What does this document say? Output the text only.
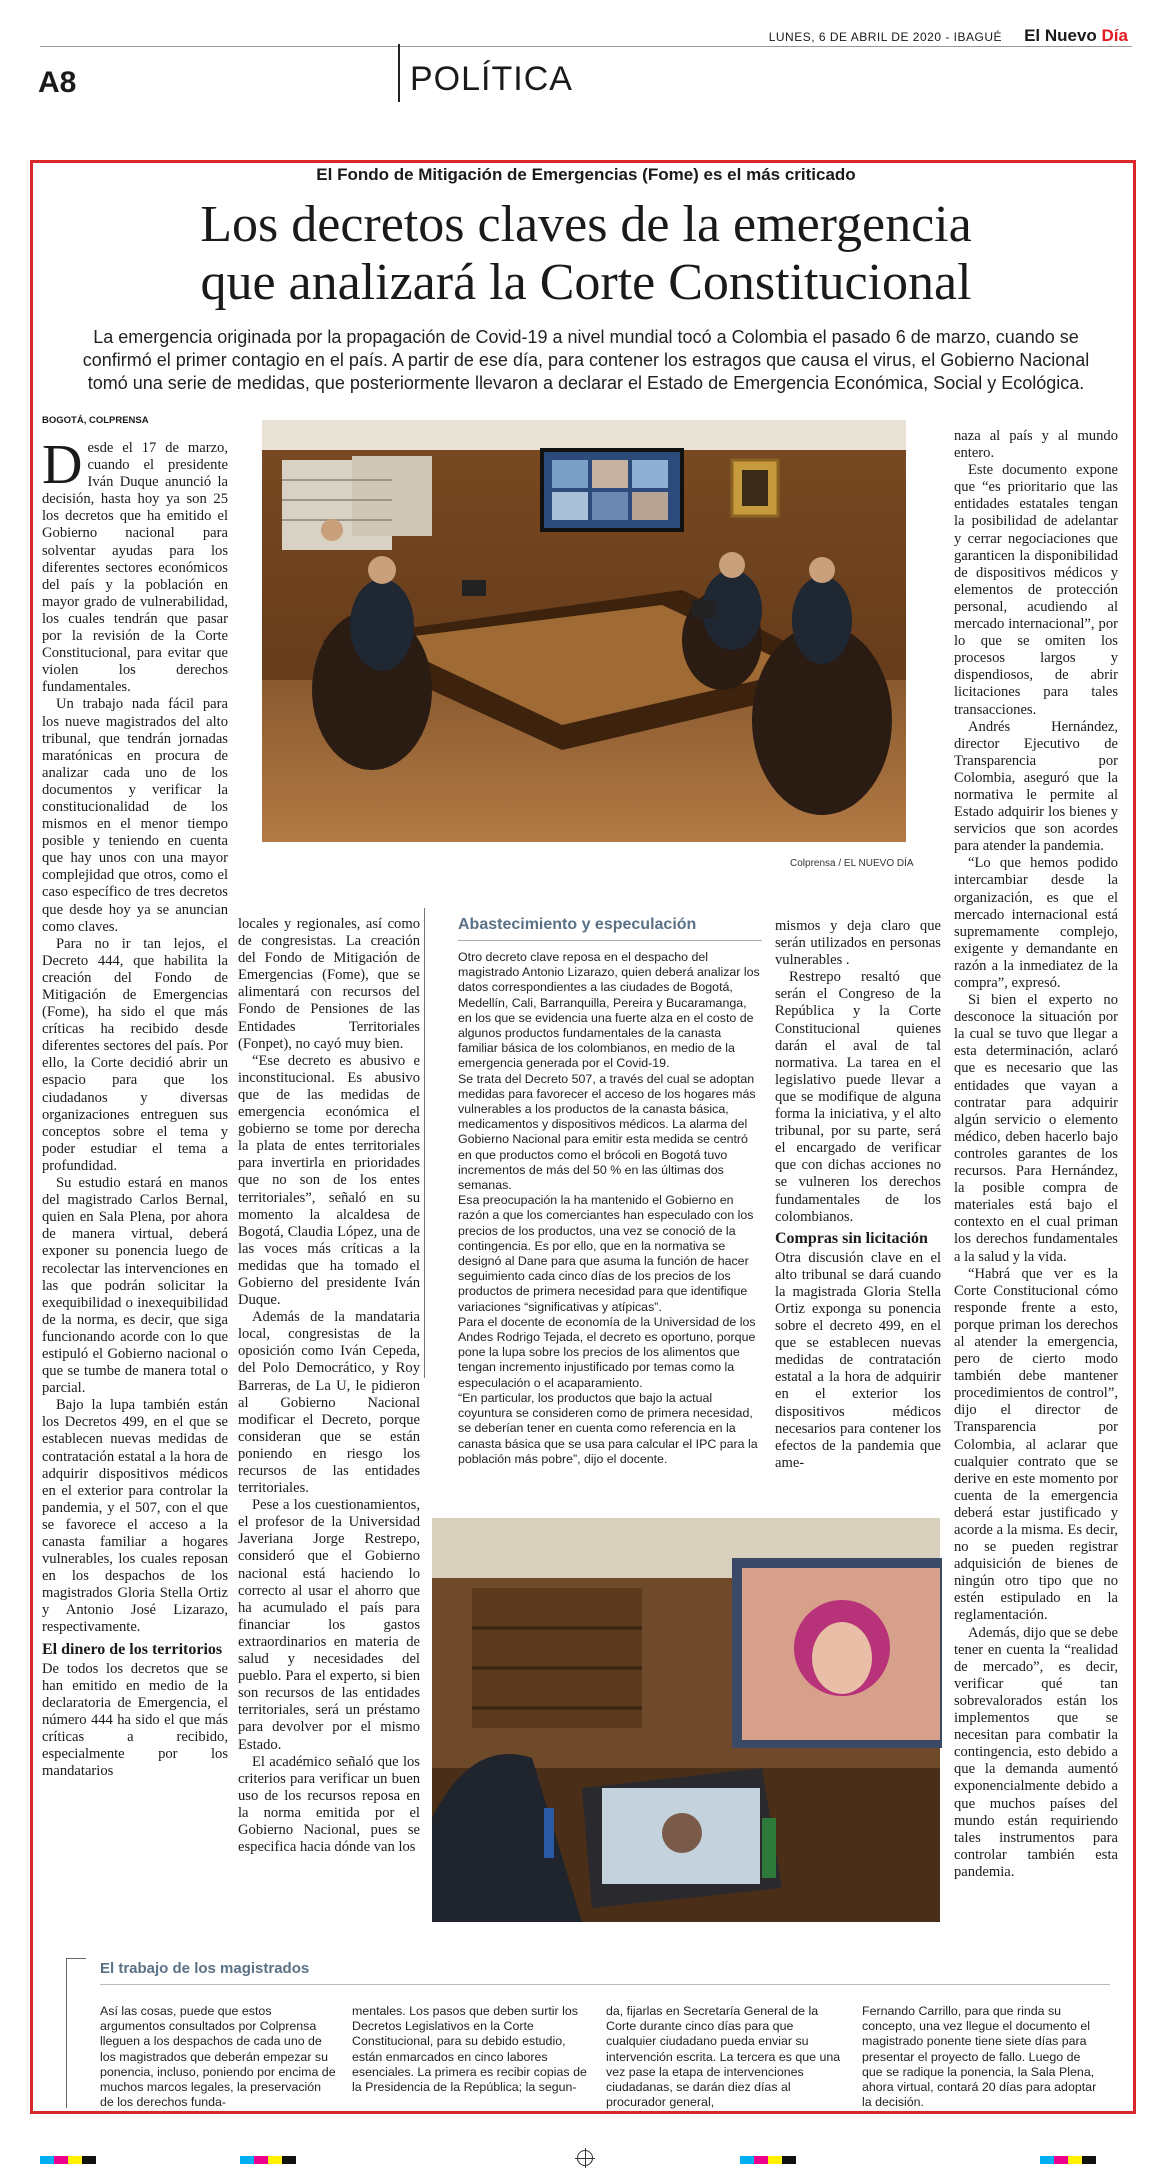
LUNES, 6 DE ABRIL DE 2020 - IBAGUÉ El Nuevo Día
A8	POLÍTICA
El Fondo de Mitigación de Emergencias (Fome) es el más criticado
Los decretos claves de la emergencia
que analizará la Corte Constitucional
La emergencia originada por la propagación de Covid-19 a nivel mundial tocó a Colombia el pasado 6 de marzo, cuando se confirmó el primer contagio en el país. A partir de ese día, para contener los estragos que causa el virus, el Gobierno Nacional tomó una serie de medidas, que posteriormente llevaron a declarar el Estado de Emergencia Económica, Social y Ecológica.
BOGOTÁ, COLPRENSA

Desde el 17 de marzo, cuando el presidente Iván Duque anunció la decisión, hasta hoy ya son 25 los decretos que ha emitido el Gobierno nacional para solventar ayudas para los diferentes sectores económicos del país y la población en mayor grado de vulnerabilidad, los cuales tendrán que pasar por la revisión de la Corte Constitucional, para evitar que violen los derechos fundamentales.

Un trabajo nada fácil para los nueve magistrados del alto tribunal, que tendrán jornadas maratónicas en procura de analizar cada uno de los documentos y verificar la constitucionalidad de los mismos en el menor tiempo posible y teniendo en cuenta que hay unos con una mayor complejidad que otros, como el caso específico de tres decretos que desde hoy ya se anuncian como claves.

Para no ir tan lejos, el Decreto 444, que habilita la creación del Fondo de Mitigación de Emergencias (Fome), ha sido el que más críticas ha recibido desde diferentes sectores del país. Por ello, la Corte decidió abrir un espacio para que los ciudadanos y diversas organizaciones entreguen sus conceptos sobre el tema y poder estudiar el tema a profundidad.

Su estudio estará en manos del magistrado Carlos Bernal, quien en Sala Plena, por ahora de manera virtual, deberá exponer su ponencia luego de recolectar las intervenciones en las que podrán solicitar la exequibilidad o inexequibilidad de la norma, es decir, que siga funcionando acorde con lo que estipuló el Gobierno nacional o que se tumbe de manera total o parcial.

Bajo la lupa también están los Decretos 499, en el que se establecen nuevas medidas de contratación estatal a la hora de adquirir dispositivos médicos en el exterior para controlar la pandemia, y el 507, con el que se favorece el acceso a la canasta familiar a hogares vulnerables, los cuales reposan en los despachos de los magistrados Gloria Stella Ortiz y Antonio José Lizarazo, respectivamente.

El dinero de los territorios

De todos los decretos que se han emitido en medio de la declaratoria de Emergencia, el número 444 ha sido el que más críticas a recibido, especialmente por los mandatarios

Colprensa / EL NUEVO DÍA

locales y regionales, así como de congresistas. La creación del Fondo de Mitigación de Emergencias (Fome), que se alimentará con recursos del Fondo de Pensiones de las Entidades Territoriales (Fonpet), no cayó muy bien.

“Ese decreto es abusivo e inconstitucional. Es abusivo que de las medidas de emergencia económica el gobierno se tome por derecha la plata de entes territoriales para invertirla en prioridades que no son de los entes territoriales”, señaló en su momento la alcaldesa de Bogotá, Claudia López, una de las voces más críticas a la medidas que ha tomado el Gobierno del presidente Iván Duque.

Además de la mandataria local, congresistas de la oposición como Iván Cepeda, del Polo Democrático, y Roy Barreras, de La U, le pidieron al Gobierno Nacional modificar el Decreto, porque consideran que se están poniendo en riesgo los recursos de las entidades territoriales.

Pese a los cuestionamientos, el profesor de la Universidad Javeriana Jorge Restrepo, consideró que el Gobierno nacional está haciendo lo correcto al usar el ahorro que ha acumulado el país para financiar los gastos extraordinarios en materia de salud y necesidades del pueblo. Para el experto, si bien son recursos de las entidades territoriales, será un préstamo para devolver por el mismo Estado.

El académico señaló que los criterios para verificar un buen uso de los recursos reposa en la norma emitida por el Gobierno Nacional, pues se especifica hacia dónde van los

Abastecimiento y especulación

Otro decreto clave reposa en el despacho del magistrado Antonio Lizarazo, quien deberá analizar los datos correspondientes a las ciudades de Bogotá, Medellín, Cali, Barranquilla, Pereira y Bucaramanga, en los que se evidencia una fuerte alza en el costo de algunos productos fundamentales de la canasta familiar básica de los colombianos, en medio de la emergencia generada por el Covid-19.

Se trata del Decreto 507, a través del cual se adoptan medidas para favorecer el acceso de los hogares más vulnerables a los productos de la canasta básica, medicamentos y dispositivos médicos. La alarma del Gobierno Nacional para emitir esta medida se centró en que productos como el brócoli en Bogotá tuvo incrementos de más del 50 % en las últimas dos semanas.

Esa preocupación la ha mantenido el Gobierno en razón a que los comerciantes han especulado con los precios de los productos, una vez se conoció de la contingencia. Es por ello, que en la normativa se designó al Dane para que asuma la función de hacer seguimiento cada cinco días de los precios de los productos de primera necesidad para que identifique variaciones “significativas y atípicas”.

Para el docente de economía de la Universidad de los Andes Rodrigo Tejada, el decreto es oportuno, porque pone la lupa sobre los precios de los alimentos que tengan incremento injustificado por temas como la especulación o el acaparamiento.

“En particular, los productos que bajo la actual coyuntura se consideren como de primera necesidad, se deberían tener en cuenta como referencia en la canasta básica que se usa para calcular el IPC para la población más pobre”, dijo el docente.

mismos y deja claro que serán utilizados en personas vulnerables .

Restrepo resaltó que serán el Congreso de la República y la Corte Constitucional quienes darán el aval de tal normativa. La tarea en el legislativo puede llevar a que se modifique de alguna forma la iniciativa, y el alto tribunal, por su parte, será el encargado de verificar que con dichas acciones no se vulneren los derechos fundamentales de los colombianos.

Compras sin licitación

Otra discusión clave en el alto tribunal se dará cuando la magistrada Gloria Stella Ortiz exponga su ponencia sobre el decreto 499, en el que se establecen nuevas medidas de contratación estatal a la hora de adquirir en el exterior los dispositivos médicos necesarios para contener los efectos de la pandemia que ame-

naza al país y al mundo entero.

Este documento expone que “es prioritario que las entidades estatales tengan la posibilidad de adelantar y cerrar negociaciones que garanticen la disponibilidad de dispositivos médicos y elementos de protección personal, acudiendo al mercado internacional”, por lo que se omiten los procesos largos y dispendiosos, de abrir licitaciones para tales transacciones.

Andrés Hernández, director Ejecutivo de Transparencia por Colombia, aseguró que la normativa le permite al Estado adquirir los bienes y servicios que son acordes para atender la pandemia.

“Lo que hemos podido intercambiar desde la organización, es que el mercado internacional está supremamente complejo, exigente y demandante en razón a la inmediatez de la compra”, expresó.

Si bien el experto no desconoce la situación por la cual se tuvo que llegar a esta determinación, aclaró que es necesario que las entidades que vayan a contratar para adquirir algún servicio o elemento médico, deben hacerlo bajo controles garantes de los recursos. Para Hernández, la posible compra de materiales está bajo el contexto en el cual priman los derechos fundamentales a la salud y la vida.

“Habrá que ver es la Corte Constitucional cómo responde frente a esto, porque priman los derechos al atender la emergencia, pero de cierto modo también debe mantener procedimientos de control”, dijo el director de Transparencia por Colombia, al aclarar que cualquier contrato que se derive en este momento por cuenta de la emergencia deberá estar justificado y acorde a la misma. Es decir, no se pueden registrar adquisición de bienes de ningún otro tipo que no estén estipulado en la reglamentación.

Además, dijo que se debe tener en cuenta la “realidad de mercado”, es decir, verificar qué tan sobrevalorados están los implementos que se necesitan para combatir la contingencia, esto debido a que la demanda aumentó exponencialmente debido a que muchos países del mundo están requiriendo tales instrumentos para controlar también esta pandemia.

El trabajo de los magistrados
Así las cosas, puede que estos argumentos consultados por Colprensa lleguen a los despachos de cada uno de los magistrados que deberán empezar su ponencia, incluso, poniendo por encima de muchos marcos legales, la preservación de los derechos funda-
mentales. Los pasos que deben surtir los Decretos Legislativos en la Corte Constitucional, para su debido estudio, están enmarcados en cinco labores esenciales. La primera es recibir copias de la Presidencia de la República; la segun-
da, fijarlas en Secretaría General de la Corte durante cinco días para que cualquier ciudadano pueda enviar su intervención escrita. La tercera es que una vez pase la etapa de intervenciones ciudadanas, se darán diez días al procurador general,
Fernando Carrillo, para que rinda su concepto, una vez llegue el documento el magistrado ponente tiene siete días para presentar el proyecto de fallo. Luego de que se radique la ponencia, la Sala Plena, ahora virtual, contará 20 días para adoptar la decisión.
